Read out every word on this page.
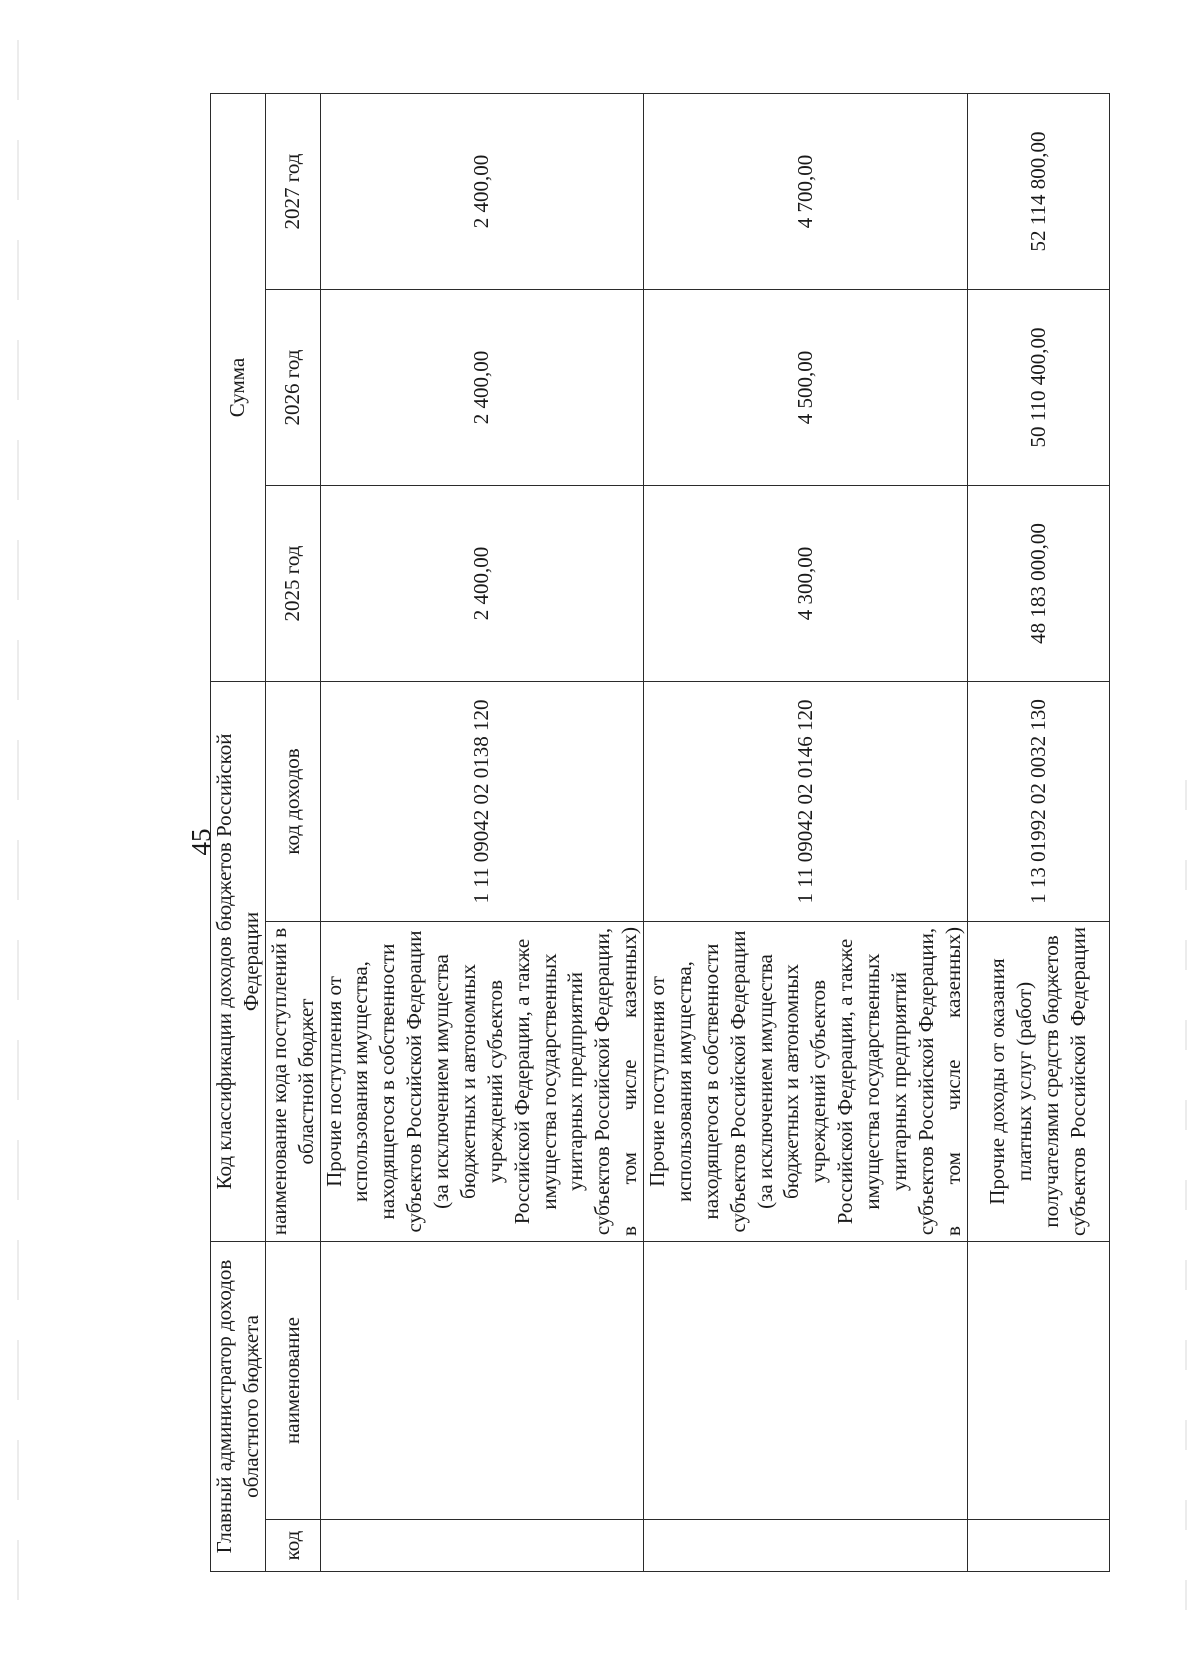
45
Главный администратор доходов областного бюджета		Код классификации доходов бюджетов Российской Федерации		Сумма		
код	наименование	наименование кода поступлений в областной бюджет	код доходов	2025 год	2026 год	2027 год
		Прочие поступления от использования имущества, находящегося в собственности субъектов Российской Федерации (за исключением имущества бюджетных и автономных учреждений субъектов Российской Федерации, а также имущества государственных унитарных предприятий субъектов Российской Федерации, в том числе казенных)	1 11 09042 02 0138 120	2 400,00	2 400,00	2 400,00
		Прочие поступления от использования имущества, находящегося в собственности субъектов Российской Федерации (за исключением имущества бюджетных и автономных учреждений субъектов Российской Федерации, а также имущества государственных унитарных предприятий субъектов Российской Федерации, в том числе казенных)	1 11 09042 02 0146 120	4 300,00	4 500,00	4 700,00
		Прочие доходы от оказания платных услуг (работ) получателями средств бюджетов субъектов Российской Федерации	1 13 01992 02 0032 130	48 183 000,00	50 110 400,00	52 114 800,00
